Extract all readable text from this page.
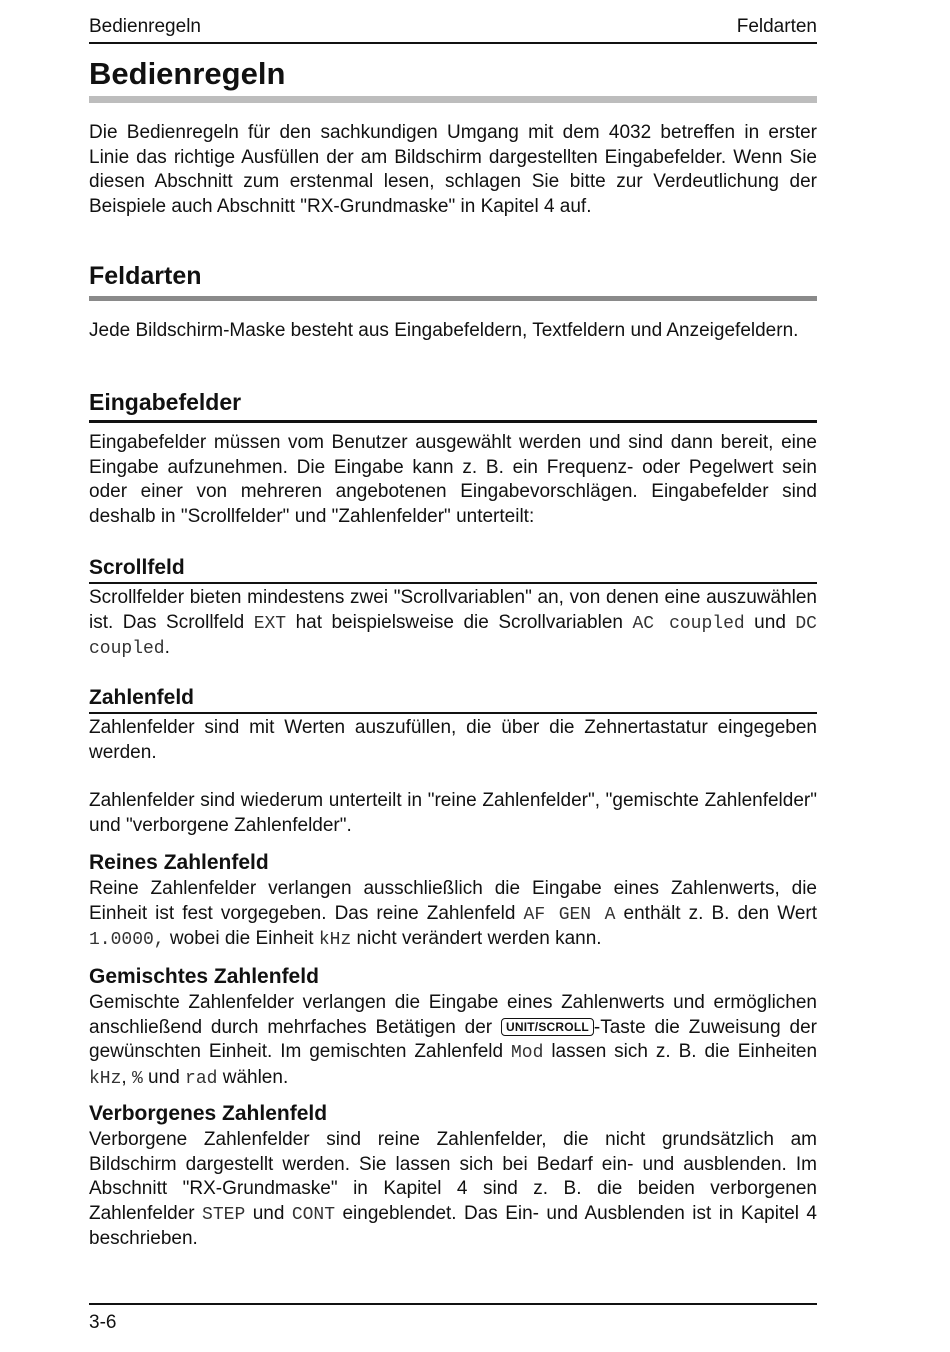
Bedienregeln	Feldarten
Bedienregeln

Die Bedienregeln für den sachkundigen Umgang mit dem 4032 betreffen in erster Linie das richtige Ausfüllen der am Bildschirm dargestellten Eingabefelder. Wenn Sie diesen Abschnitt zum erstenmal lesen, schlagen Sie bitte zur Verdeutlichung der Beispiele auch Abschnitt "RX-Grundmaske" in Kapitel 4 auf.

Feldarten

Jede Bildschirm-Maske besteht aus Eingabefeldern, Textfeldern und Anzeigefeldern.

Eingabefelder

Eingabefelder müssen vom Benutzer ausgewählt werden und sind dann bereit, eine Eingabe aufzunehmen. Die Eingabe kann z. B. ein Frequenz- oder Pegelwert sein oder einer von mehreren angebotenen Eingabevorschlägen. Eingabefelder sind deshalb in "Scrollfelder" und "Zahlenfelder" unterteilt:

Scrollfeld

Scrollfelder bieten mindestens zwei "Scrollvariablen" an, von denen eine auszuwählen ist. Das Scrollfeld EXT hat beispielsweise die Scrollvariablen AC coupled und DC coupled.

Zahlenfeld

Zahlenfelder sind mit Werten auszufüllen, die über die Zehnertastatur eingegeben werden.

Zahlenfelder sind wiederum unterteilt in "reine Zahlenfelder", "gemischte Zahlenfelder" und "verborgene Zahlenfelder".

Reines Zahlenfeld

Reine Zahlenfelder verlangen ausschließlich die Eingabe eines Zahlenwerts, die Einheit ist fest vorgegeben. Das reine Zahlenfeld AF GEN A enthält z. B. den Wert 1.0000, wobei die Einheit kHz nicht verändert werden kann.

Gemischtes Zahlenfeld

Gemischte Zahlenfelder verlangen die Eingabe eines Zahlenwerts und ermöglichen anschließend durch mehrfaches Betätigen der UNIT/SCROLL -Taste die Zuweisung der gewünschten Einheit. Im gemischten Zahlenfeld Mod lassen sich z. B. die Einheiten kHz, % und rad wählen.

Verborgenes Zahlenfeld

Verborgene Zahlenfelder sind reine Zahlenfelder, die nicht grundsätzlich am Bildschirm dargestellt werden. Sie lassen sich bei Bedarf ein- und ausblenden. Im Abschnitt "RX-Grundmaske" in Kapitel 4 sind z. B. die beiden verborgenen Zahlenfelder STEP und CONT eingeblendet. Das Ein- und Ausblenden ist in Kapitel 4 beschrieben.

3-6
